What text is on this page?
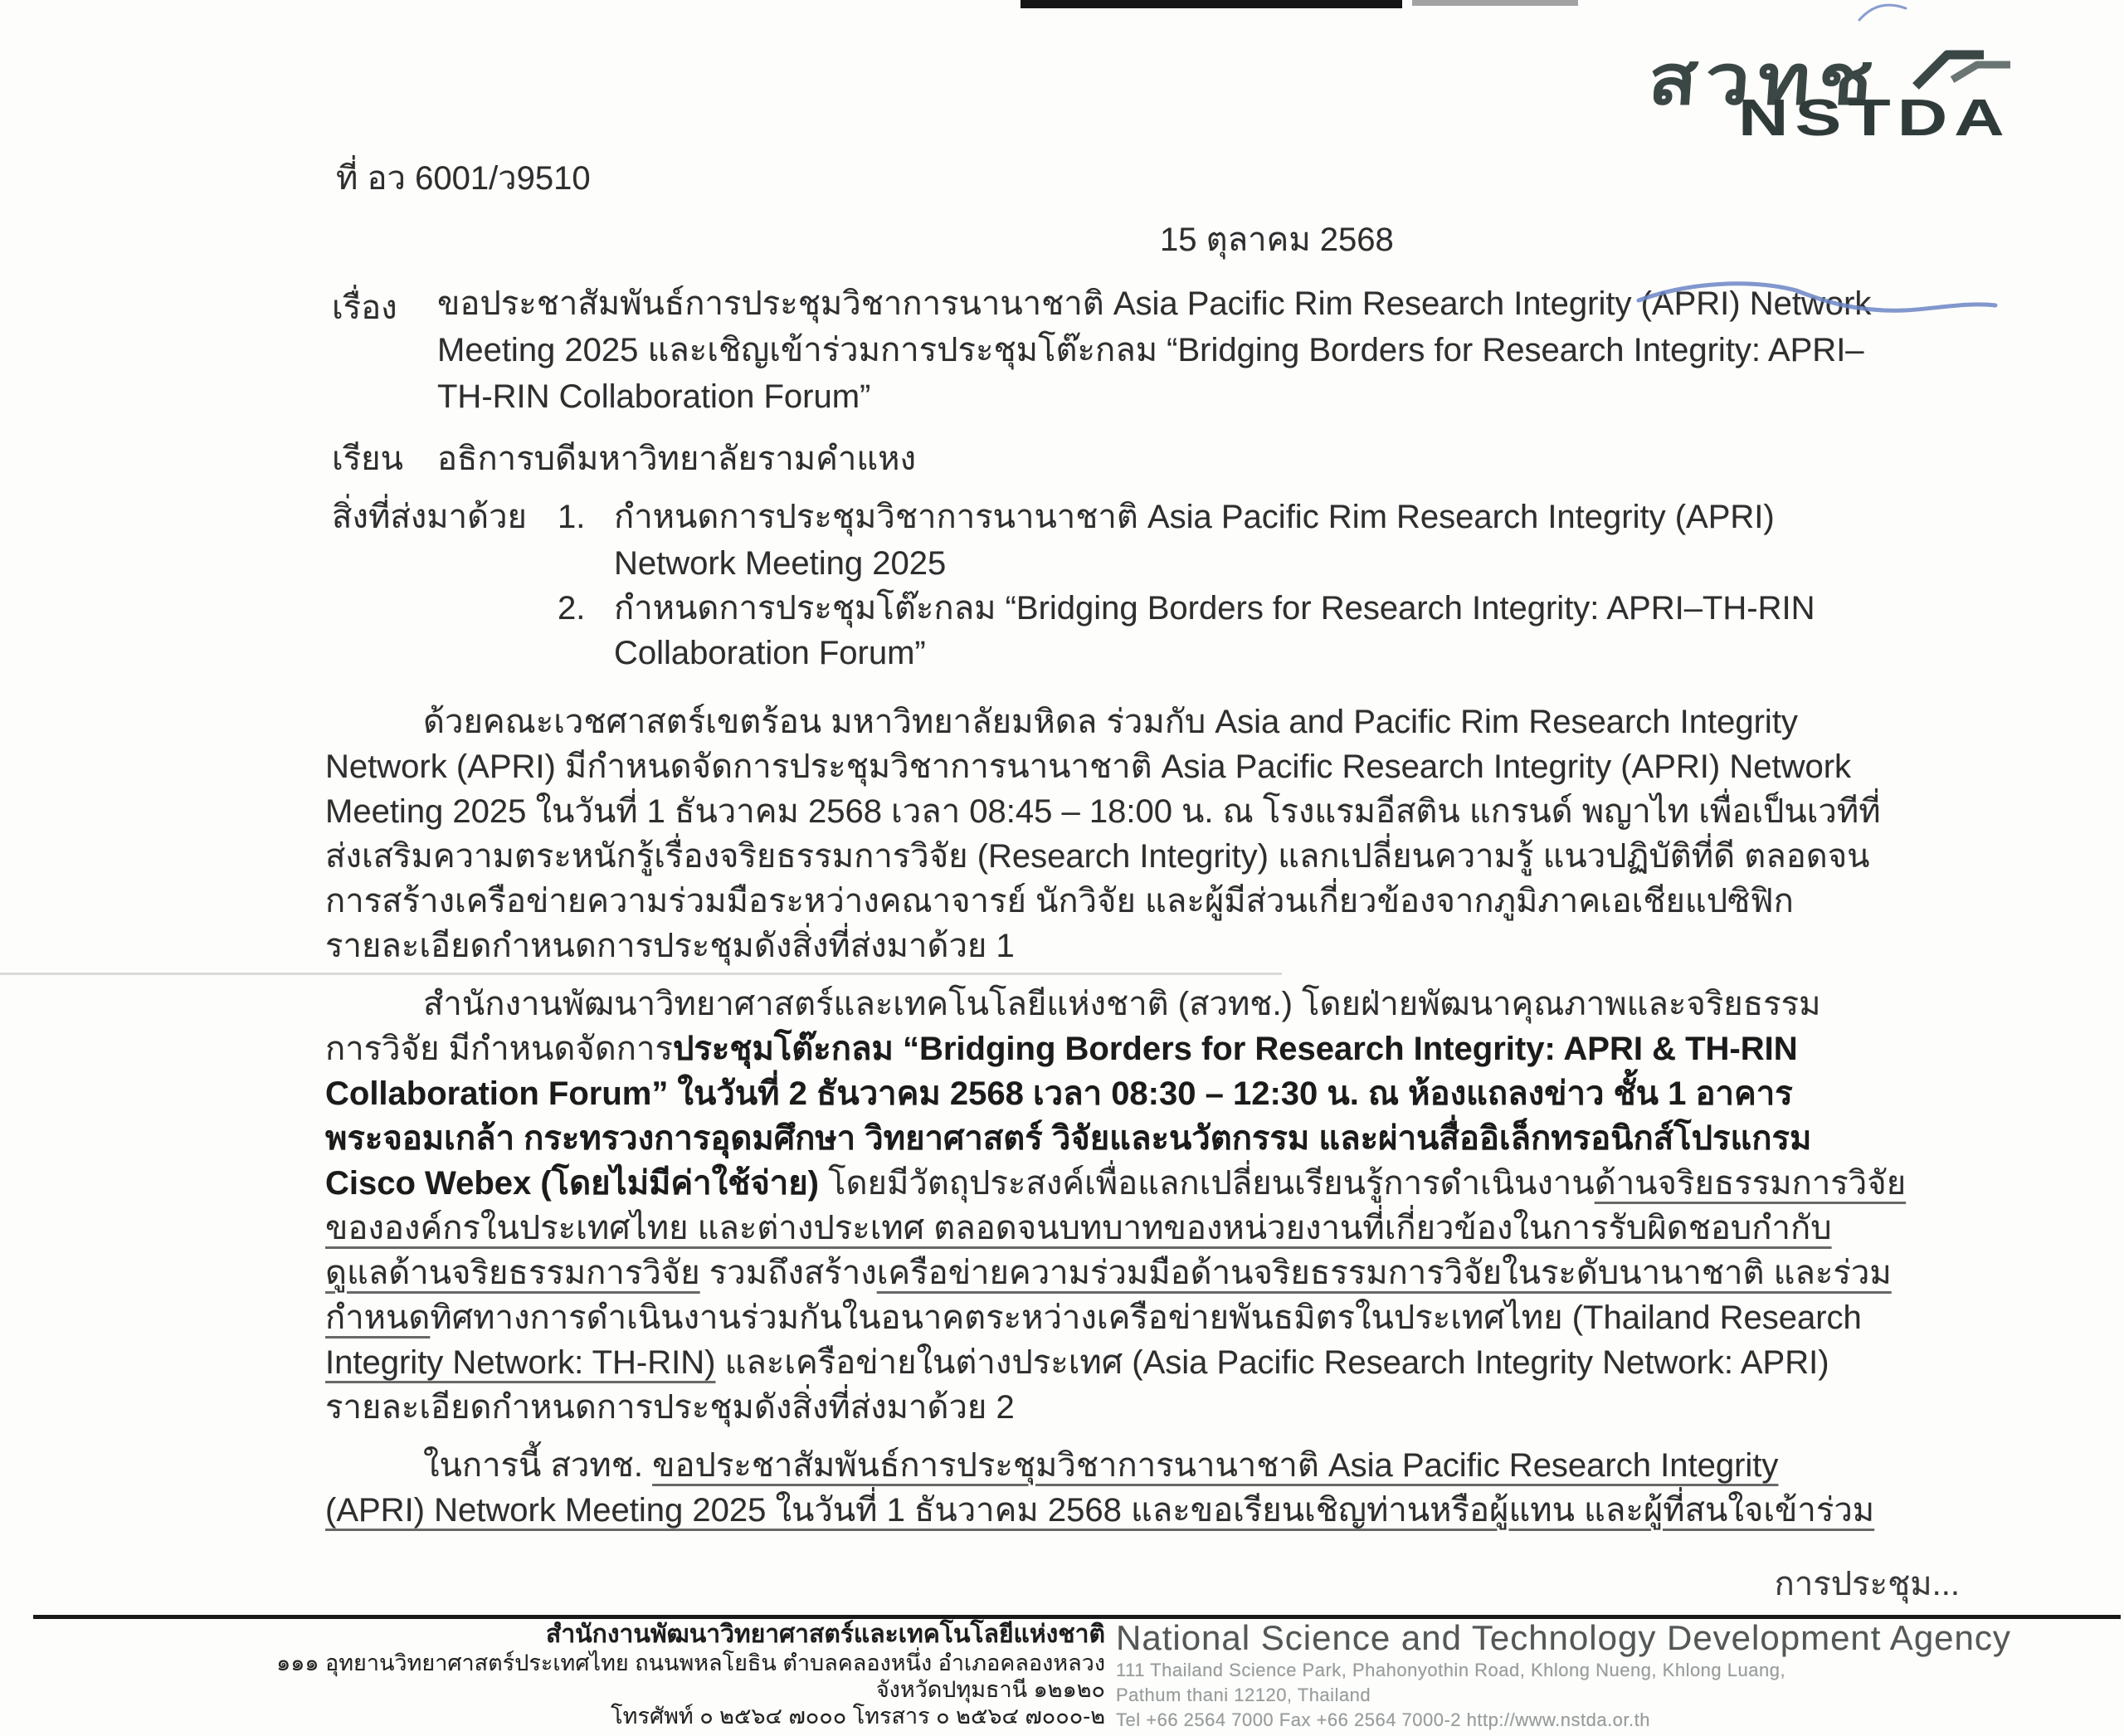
สวทช
NSTDA
ที่ อว 6001/ว9510
15 ตุลาคม 2568
เรื่อง ขอประชาสัมพันธ์การประชุมวิชาการนานาชาติ Asia Pacific Rim Research Integrity (APRI) Network
Meeting 2025 และเชิญเข้าร่วมการประชุมโต๊ะกลม “Bridging Borders for Research Integrity: APRI–
TH-RIN Collaboration Forum”
เรียน อธิการบดีมหาวิทยาลัยรามคำแหง
สิ่งที่ส่งมาด้วย 1. กำหนดการประชุมวิชาการนานาชาติ Asia Pacific Rim Research Integrity (APRI)
Network Meeting 2025
2. กำหนดการประชุมโต๊ะกลม “Bridging Borders for Research Integrity: APRI–TH-RIN
Collaboration Forum”
ด้วยคณะเวชศาสตร์เขตร้อน มหาวิทยาลัยมหิดล ร่วมกับ Asia and Pacific Rim Research Integrity
Network (APRI) มีกำหนดจัดการประชุมวิชาการนานาชาติ Asia Pacific Research Integrity (APRI) Network
Meeting 2025 ในวันที่ 1 ธันวาคม 2568 เวลา 08:45 – 18:00 น. ณ โรงแรมอีสติน แกรนด์ พญาไท เพื่อเป็นเวทีที่
ส่งเสริมความตระหนักรู้เรื่องจริยธรรมการวิจัย (Research Integrity) แลกเปลี่ยนความรู้ แนวปฏิบัติที่ดี ตลอดจน
การสร้างเครือข่ายความร่วมมือระหว่างคณาจารย์ นักวิจัย และผู้มีส่วนเกี่ยวข้องจากภูมิภาคเอเชียแปซิฟิก
รายละเอียดกำหนดการประชุมดังสิ่งที่ส่งมาด้วย 1
สำนักงานพัฒนาวิทยาศาสตร์และเทคโนโลยีแห่งชาติ (สวทช.) โดยฝ่ายพัฒนาคุณภาพและจริยธรรม
การวิจัย มีกำหนดจัดการประชุมโต๊ะกลม “Bridging Borders for Research Integrity: APRI & TH-RIN
Collaboration Forum” ในวันที่ 2 ธันวาคม 2568 เวลา 08:30 – 12:30 น. ณ ห้องแถลงข่าว ชั้น 1 อาคาร
พระจอมเกล้า กระทรวงการอุดมศึกษา วิทยาศาสตร์ วิจัยและนวัตกรรม และผ่านสื่ออิเล็กทรอนิกส์โปรแกรม
Cisco Webex (โดยไม่มีค่าใช้จ่าย) โดยมีวัตถุประสงค์เพื่อแลกเปลี่ยนเรียนรู้การดำเนินงานด้านจริยธรรมการวิจัย
ขององค์กรในประเทศไทย และต่างประเทศ ตลอดจนบทบาทของหน่วยงานที่เกี่ยวข้องในการรับผิดชอบกำกับ
ดูแลด้านจริยธรรมการวิจัย รวมถึงสร้างเครือข่ายความร่วมมือด้านจริยธรรมการวิจัยในระดับนานาชาติ และร่วม
กำหนดทิศทางการดำเนินงานร่วมกันในอนาคตระหว่างเครือข่ายพันธมิตรในประเทศไทย (Thailand Research
Integrity Network: TH-RIN) และเครือข่ายในต่างประเทศ (Asia Pacific Research Integrity Network: APRI)
รายละเอียดกำหนดการประชุมดังสิ่งที่ส่งมาด้วย 2
ในการนี้ สวทช. ขอประชาสัมพันธ์การประชุมวิชาการนานาชาติ Asia Pacific Research Integrity
(APRI) Network Meeting 2025 ในวันที่ 1 ธันวาคม 2568 และขอเรียนเชิญท่านหรือผู้แทน และผู้ที่สนใจเข้าร่วม
การประชุม...
สำนักงานพัฒนาวิทยาศาสตร์และเทคโนโลยีแห่งชาติ
๑๑๑ อุทยานวิทยาศาสตร์ประเทศไทย ถนนพหลโยธิน ตำบลคลองหนึ่ง อำเภอคลองหลวง
จังหวัดปทุมธานี ๑๒๑๒๐
โทรศัพท์ ๐ ๒๕๖๔ ๗๐๐๐ โทรสาร ๐ ๒๕๖๔ ๗๐๐๐-๒
National Science and Technology Development Agency
111 Thailand Science Park, Phahonyothin Road, Khlong Nueng, Khlong Luang,
Pathum thani 12120, Thailand
Tel +66 2564 7000 Fax +66 2564 7000-2 http://www.nstda.or.th
